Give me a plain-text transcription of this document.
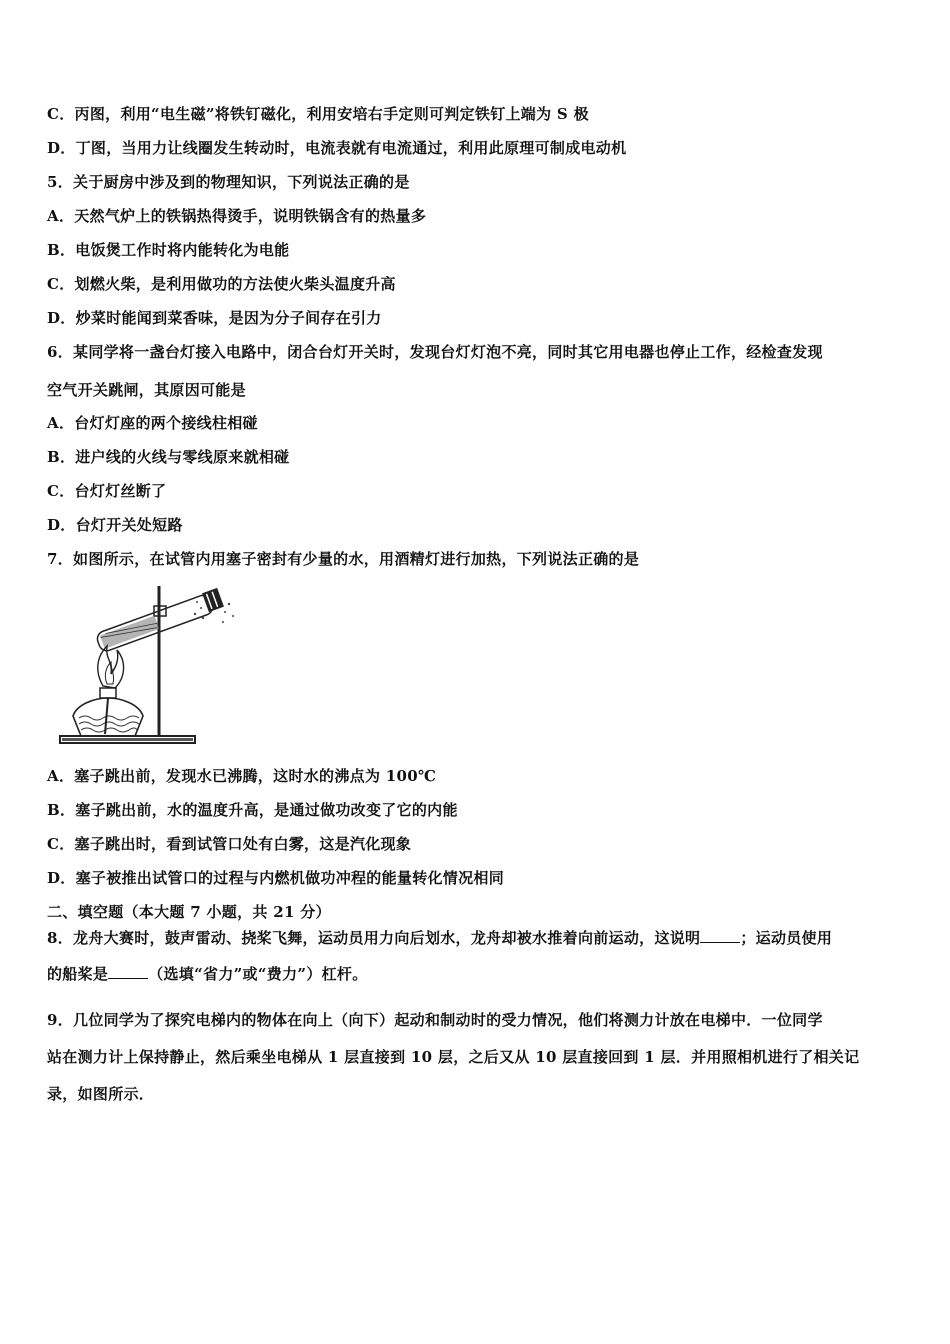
C．丙图，利用“电生磁”将铁钉磁化，利用安培右手定则可判定铁钉上端为 S 极
D．丁图，当用力让线圈发生转动时，电流表就有电流通过，利用此原理可制成电动机
5．关于厨房中涉及到的物理知识，下列说法正确的是
A．天然气炉上的铁锅热得烫手，说明铁锅含有的热量多
B．电饭煲工作时将内能转化为电能
C．划燃火柴，是利用做功的方法使火柴头温度升高
D．炒菜时能闻到菜香味，是因为分子间存在引力
6．某同学将一盏台灯接入电路中，闭合台灯开关时，发现台灯灯泡不亮，同时其它用电器也停止工作，经检查发现
空气开关跳闸，其原因可能是
A．台灯灯座的两个接线柱相碰
B．进户线的火线与零线原来就相碰
C．台灯灯丝断了
D．台灯开关处短路
7．如图所示，在试管内用塞子密封有少量的水，用酒精灯进行加热，下列说法正确的是
A．塞子跳出前，发现水已沸腾，这时水的沸点为 100℃
B．塞子跳出前，水的温度升高，是通过做功改变了它的内能
C．塞子跳出时，看到试管口处有白雾，这是汽化现象
D．塞子被推出试管口的过程与内燃机做功冲程的能量转化情况相同
二、填空题（本大题 7 小题，共 21 分）
8．龙舟大赛时，鼓声雷动、挠桨飞舞，运动员用力向后划水，龙舟却被水推着向前运动，这说明	；运动员使用
的船桨是	（选填“省力”或“费力”）杠杆。
9．几位同学为了探究电梯内的物体在向上（向下）起动和制动时的受力情况，他们将测力计放在电梯中．一位同学
站在测力计上保持静止，然后乘坐电梯从 1 层直接到 10 层，之后又从 10 层直接回到 1 层．并用照相机进行了相关记
录，如图所示．
